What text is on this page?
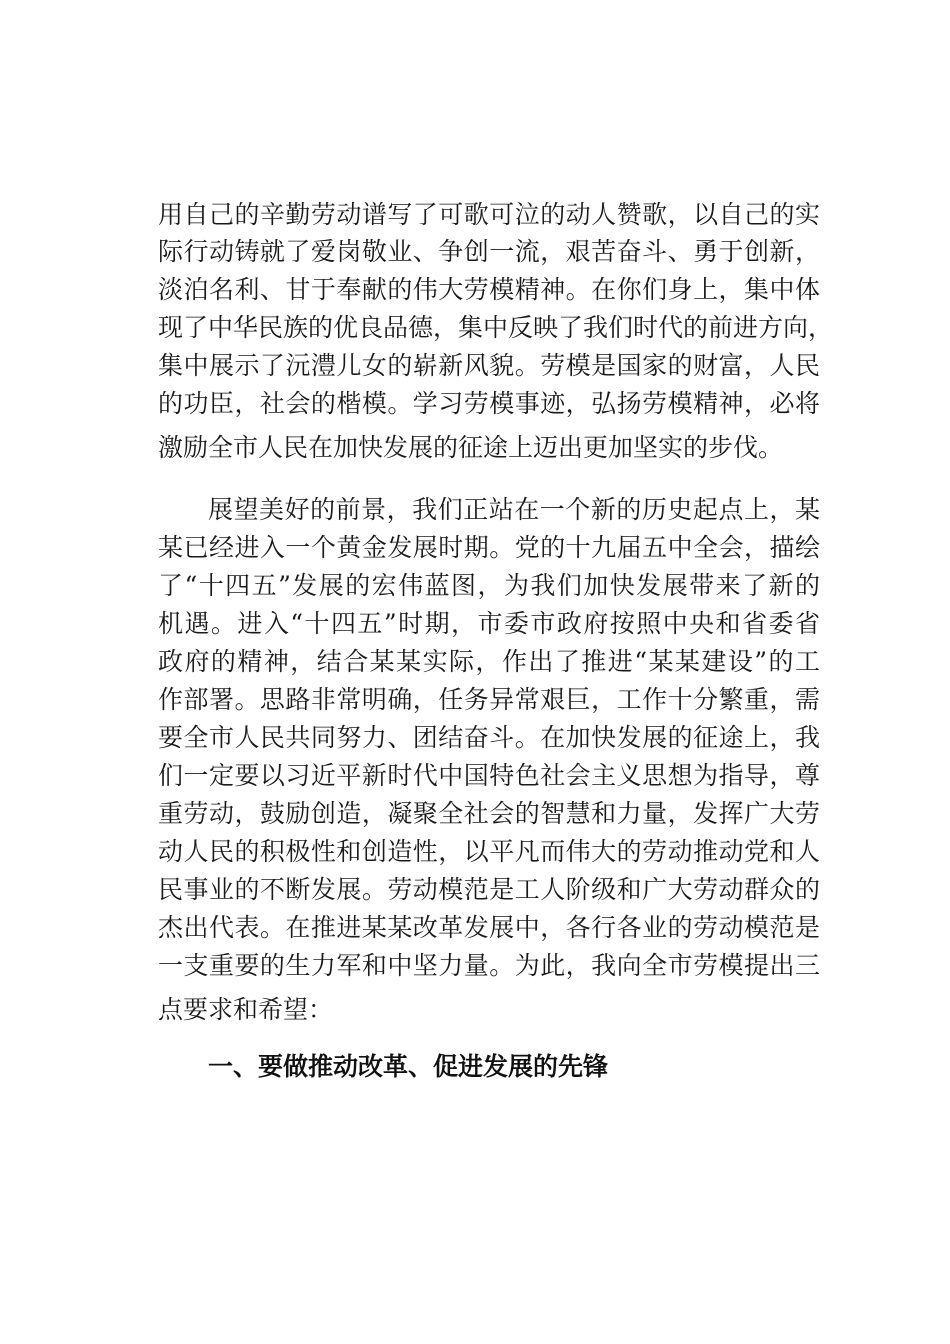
用自己的辛勤劳动谱写了可歌可泣的动人赞歌，以自己的实
际行动铸就了爱岗敬业、争创一流，艰苦奋斗、勇于创新，
淡泊名利、甘于奉献的伟大劳模精神。在你们身上，集中体
现了中华民族的优良品德，集中反映了我们时代的前进方向，
集中展示了沅澧儿女的崭新风貌。劳模是国家的财富，人民
的功臣，社会的楷模。学习劳模事迹，弘扬劳模精神，必将
激励全市人民在加快发展的征途上迈出更加坚实的步伐。
展望美好的前景，我们正站在一个新的历史起点上，某
某已经进入一个黄金发展时期。党的十九届五中全会，描绘
了“十四五”发展的宏伟蓝图，为我们加快发展带来了新的
机遇。进入“十四五”时期，市委市政府按照中央和省委省
政府的精神，结合某某实际，作出了推进“某某建设”的工
作部署。思路非常明确，任务异常艰巨，工作十分繁重，需
要全市人民共同努力、团结奋斗。在加快发展的征途上，我
们一定要以习近平新时代中国特色社会主义思想为指导，尊
重劳动，鼓励创造，凝聚全社会的智慧和力量，发挥广大劳
动人民的积极性和创造性，以平凡而伟大的劳动推动党和人
民事业的不断发展。劳动模范是工人阶级和广大劳动群众的
杰出代表。在推进某某改革发展中，各行各业的劳动模范是
一支重要的生力军和中坚力量。为此，我向全市劳模提出三
点要求和希望：
一、要做推动改革、促进发展的先锋
